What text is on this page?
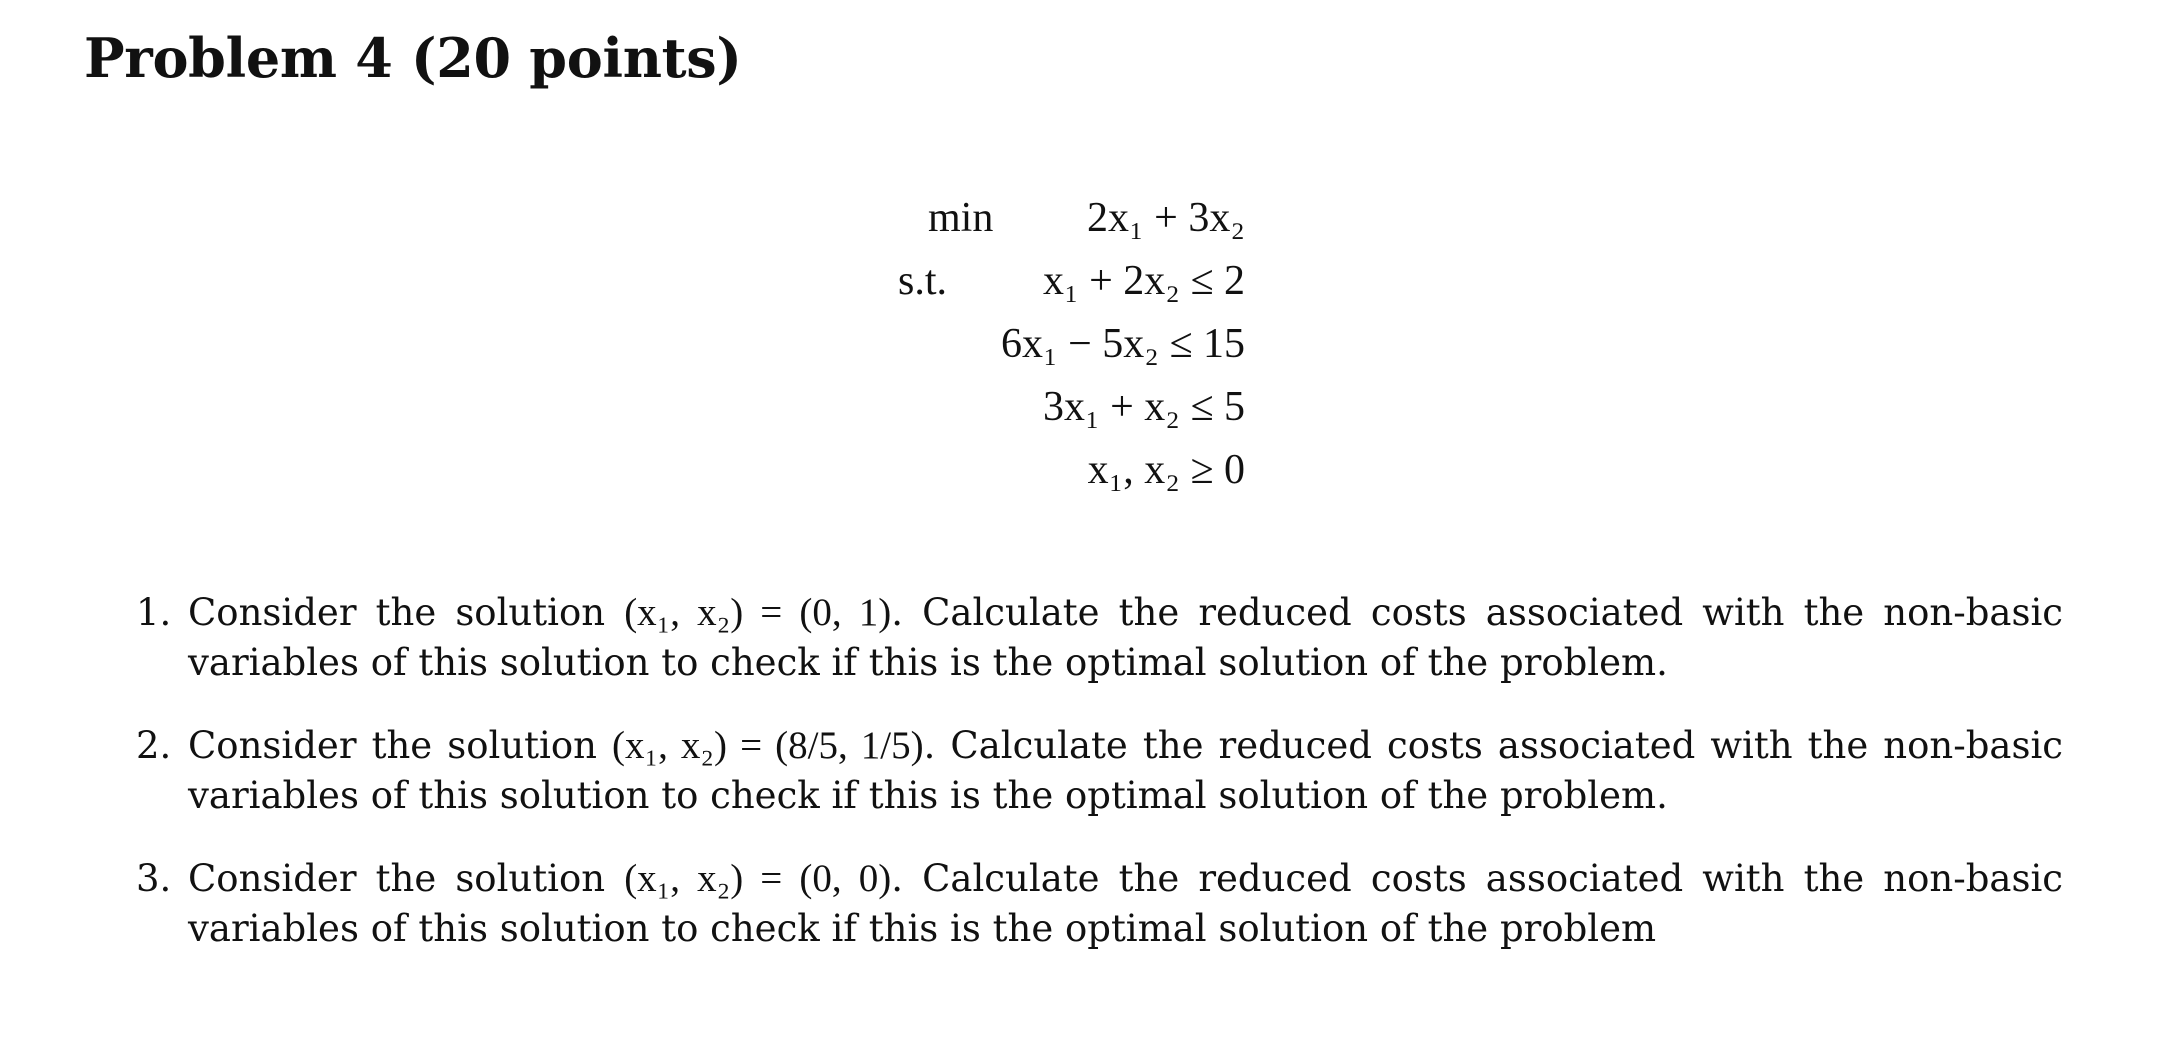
Problem 4 (20 points)
min 2x₁ + 3x₂
s.t. x₁ + 2x₂ ≤ 2
6x₁ − 5x₂ ≤ 15
3x₁ + x₂ ≤ 5
x₁, x₂ ≥ 0
1. Consider the solution (x₁, x₂) = (0, 1). Calculate the reduced costs associated with the non-basic
variables of this solution to check if this is the optimal solution of the problem.
2. Consider the solution (x₁, x₂) = (8/5, 1/5). Calculate the reduced costs associated with the non-basic
variables of this solution to check if this is the optimal solution of the problem.
3. Consider the solution (x₁, x₂) = (0, 0). Calculate the reduced costs associated with the non-basic
variables of this solution to check if this is the optimal solution of the problem
